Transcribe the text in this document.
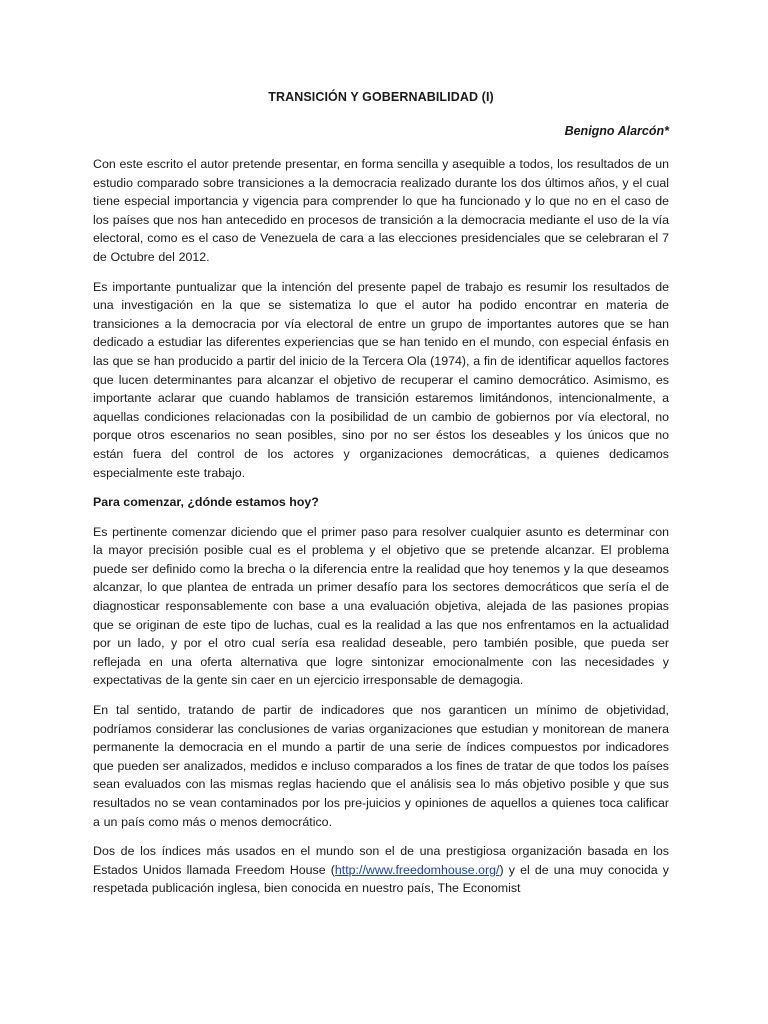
TRANSICIÓN Y GOBERNABILIDAD (I)
Benigno Alarcón*

Con este escrito el autor pretende presentar, en forma sencilla y asequible a todos, los resultados de un estudio comparado sobre transiciones a la democracia realizado durante los dos últimos años, y el cual tiene especial importancia y vigencia para comprender lo que ha funcionado y lo que no en el caso de los países que nos han antecedido en procesos de transición a la democracia mediante el uso de la vía electoral, como es el caso de Venezuela de cara a las elecciones presidenciales que se celebraran el 7 de Octubre del 2012.

Es importante puntualizar que la intención del presente papel de trabajo es resumir los resultados de una investigación en la que se sistematiza lo que el autor ha podido encontrar en materia de transiciones a la democracia por vía electoral de entre un grupo de importantes autores que se han dedicado a estudiar las diferentes experiencias que se han tenido en el mundo, con especial énfasis en las que se han producido a partir del inicio de la Tercera Ola (1974), a fin de identificar aquellos factores que lucen determinantes para alcanzar el objetivo de recuperar el camino democrático. Asimismo, es importante aclarar que cuando hablamos de transición estaremos limitándonos, intencionalmente, a aquellas condiciones relacionadas con la posibilidad de un cambio de gobiernos por vía electoral, no porque otros escenarios no sean posibles, sino por no ser éstos los deseables y los únicos que no están fuera del control de los actores y organizaciones democráticas, a quienes dedicamos especialmente este trabajo.

Para comenzar, ¿dónde estamos hoy?

Es pertinente comenzar diciendo que el primer paso para resolver cualquier asunto es determinar con la mayor precisión posible cual es el problema y el objetivo que se pretende alcanzar. El problema puede ser definido como la brecha o la diferencia entre la realidad que hoy tenemos y la que deseamos alcanzar, lo que plantea de entrada un primer desafío para los sectores democráticos que sería el de diagnosticar responsablemente con base a una evaluación objetiva, alejada de las pasiones propias que se originan de este tipo de luchas, cual es la realidad a las que nos enfrentamos en la actualidad por un lado, y por el otro cual sería esa realidad deseable, pero también posible, que pueda ser reflejada en una oferta alternativa que logre sintonizar emocionalmente con las necesidades y expectativas de la gente sin caer en un ejercicio irresponsable de demagogia.

En tal sentido, tratando de partir de indicadores que nos garanticen un mínimo de objetividad, podríamos considerar las conclusiones de varias organizaciones que estudian y monitorean de manera permanente la democracia en el mundo a partir de una serie de índices compuestos por indicadores que pueden ser analizados, medidos e incluso comparados a los fines de tratar de que todos los países sean evaluados con las mismas reglas haciendo que el análisis sea lo más objetivo posible y que sus resultados no se vean contaminados por los pre-juicios y opiniones de aquellos a quienes toca calificar a un país como más o menos democrático.

Dos de los índices más usados en el mundo son el de una prestigiosa organización basada en los Estados Unidos llamada Freedom House (http://www.freedomhouse.org/) y el de una muy conocida y respetada publicación inglesa, bien conocida en nuestro país, The Economist
